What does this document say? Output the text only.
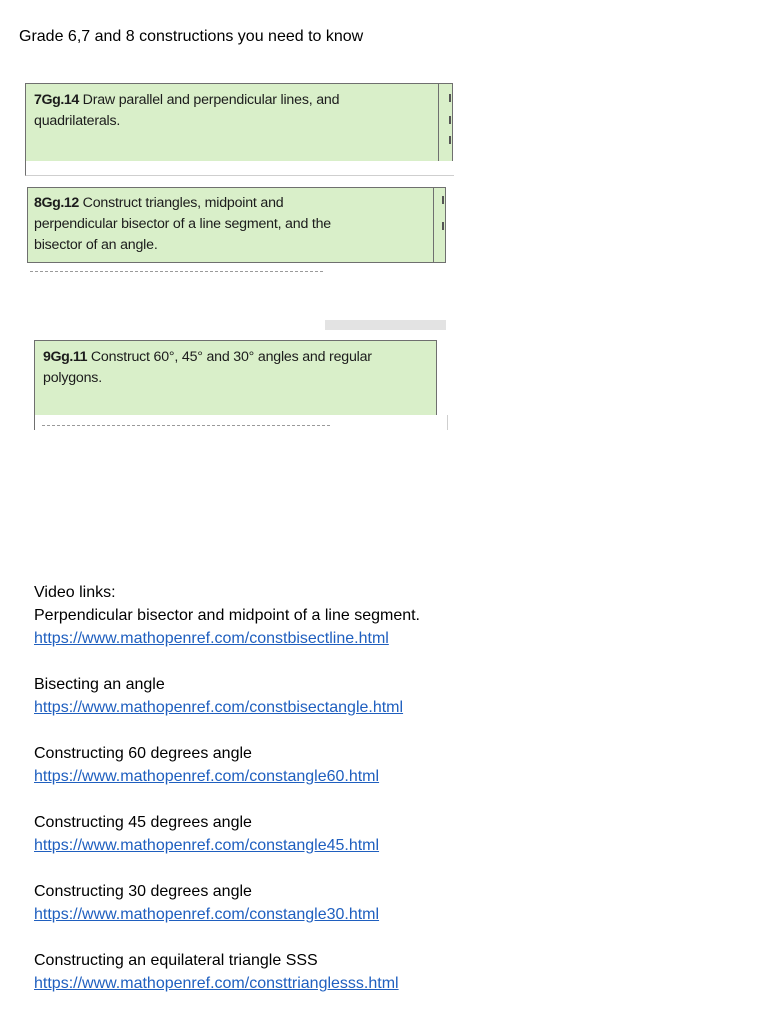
Grade 6,7 and 8 constructions you need to know
7Gg.14 Draw parallel and perpendicular lines, and
quadrilaterals.
8Gg.12 Construct triangles, midpoint and
perpendicular bisector of a line segment, and the
bisector of an angle.
9Gg.11 Construct 60°, 45° and 30° angles and regular
polygons.
Video links:
Perpendicular bisector and midpoint of a line segment.
https://www.mathopenref.com/constbisectline.html
Bisecting an angle
https://www.mathopenref.com/constbisectangle.html
Constructing 60 degrees angle
https://www.mathopenref.com/constangle60.html
Constructing 45 degrees angle
https://www.mathopenref.com/constangle45.html
Constructing 30 degrees angle
https://www.mathopenref.com/constangle30.html
Constructing an equilateral triangle SSS
https://www.mathopenref.com/consttrianglesss.html
